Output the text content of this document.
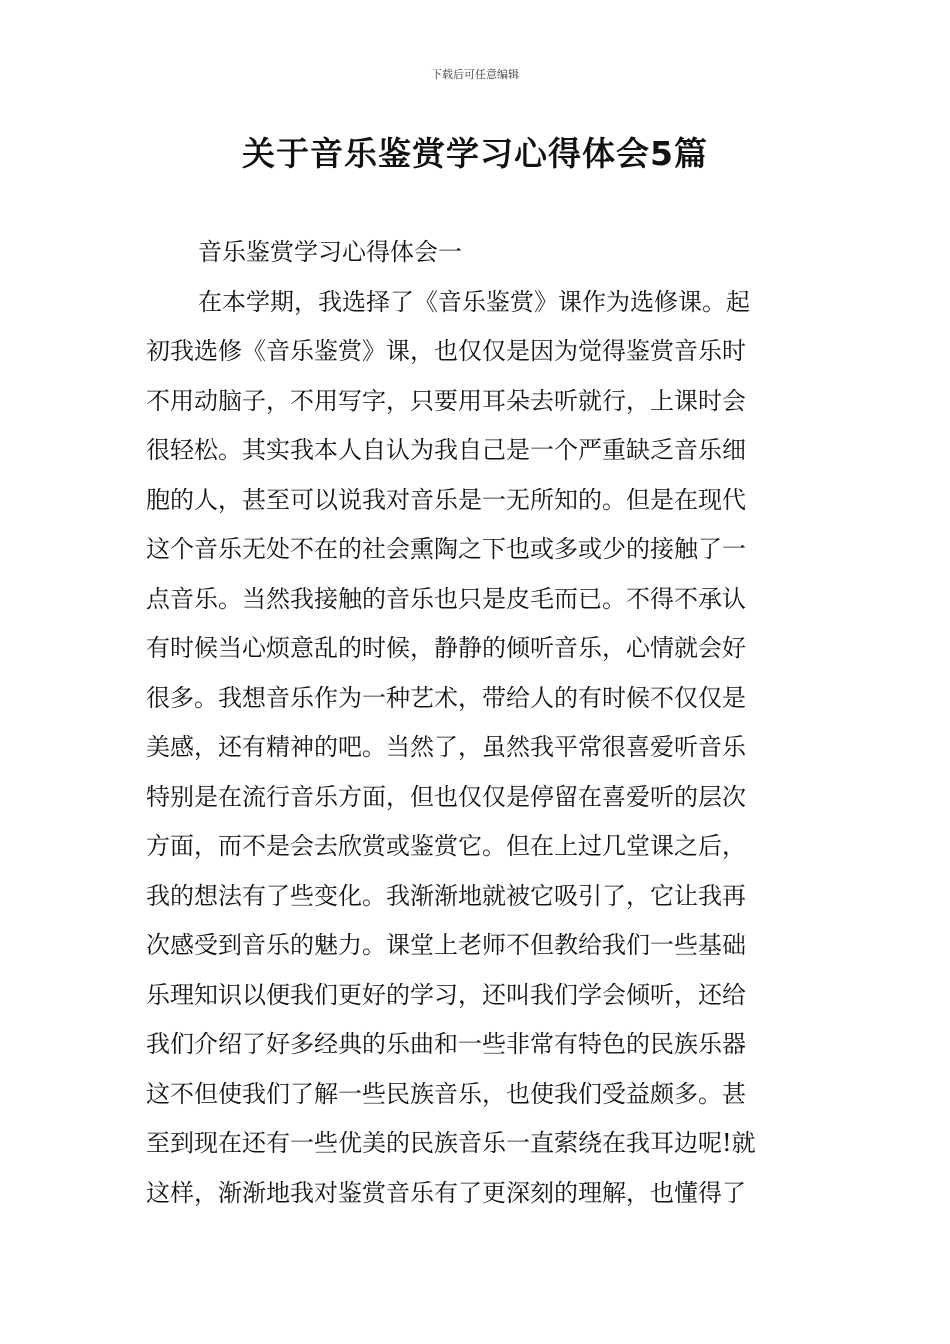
下载后可任意编辑
关于音乐鉴赏学习心得体会5篇
音乐鉴赏学习心得体会一
在本学期，我选择了《音乐鉴赏》课作为选修课。起
初我选修《音乐鉴赏》课，也仅仅是因为觉得鉴赏音乐时
不用动脑子，不用写字，只要用耳朵去听就行，上课时会
很轻松。其实我本人自认为我自己是一个严重缺乏音乐细
胞的人，甚至可以说我对音乐是一无所知的。但是在现代
这个音乐无处不在的社会熏陶之下也或多或少的接触了一
点音乐。当然我接触的音乐也只是皮毛而已。不得不承认
有时候当心烦意乱的时候，静静的倾听音乐，心情就会好
很多。我想音乐作为一种艺术，带给人的有时候不仅仅是
美感，还有精神的吧。当然了，虽然我平常很喜爱听音乐
特别是在流行音乐方面，但也仅仅是停留在喜爱听的层次
方面，而不是会去欣赏或鉴赏它。但在上过几堂课之后，
我的想法有了些变化。我渐渐地就被它吸引了，它让我再
次感受到音乐的魅力。课堂上老师不但教给我们一些基础
乐理知识以便我们更好的学习，还叫我们学会倾听，还给
我们介绍了好多经典的乐曲和一些非常有特色的民族乐器
这不但使我们了解一些民族音乐，也使我们受益颇多。甚
至到现在还有一些优美的民族音乐一直萦绕在我耳边呢!就
这样，渐渐地我对鉴赏音乐有了更深刻的理解，也懂得了
